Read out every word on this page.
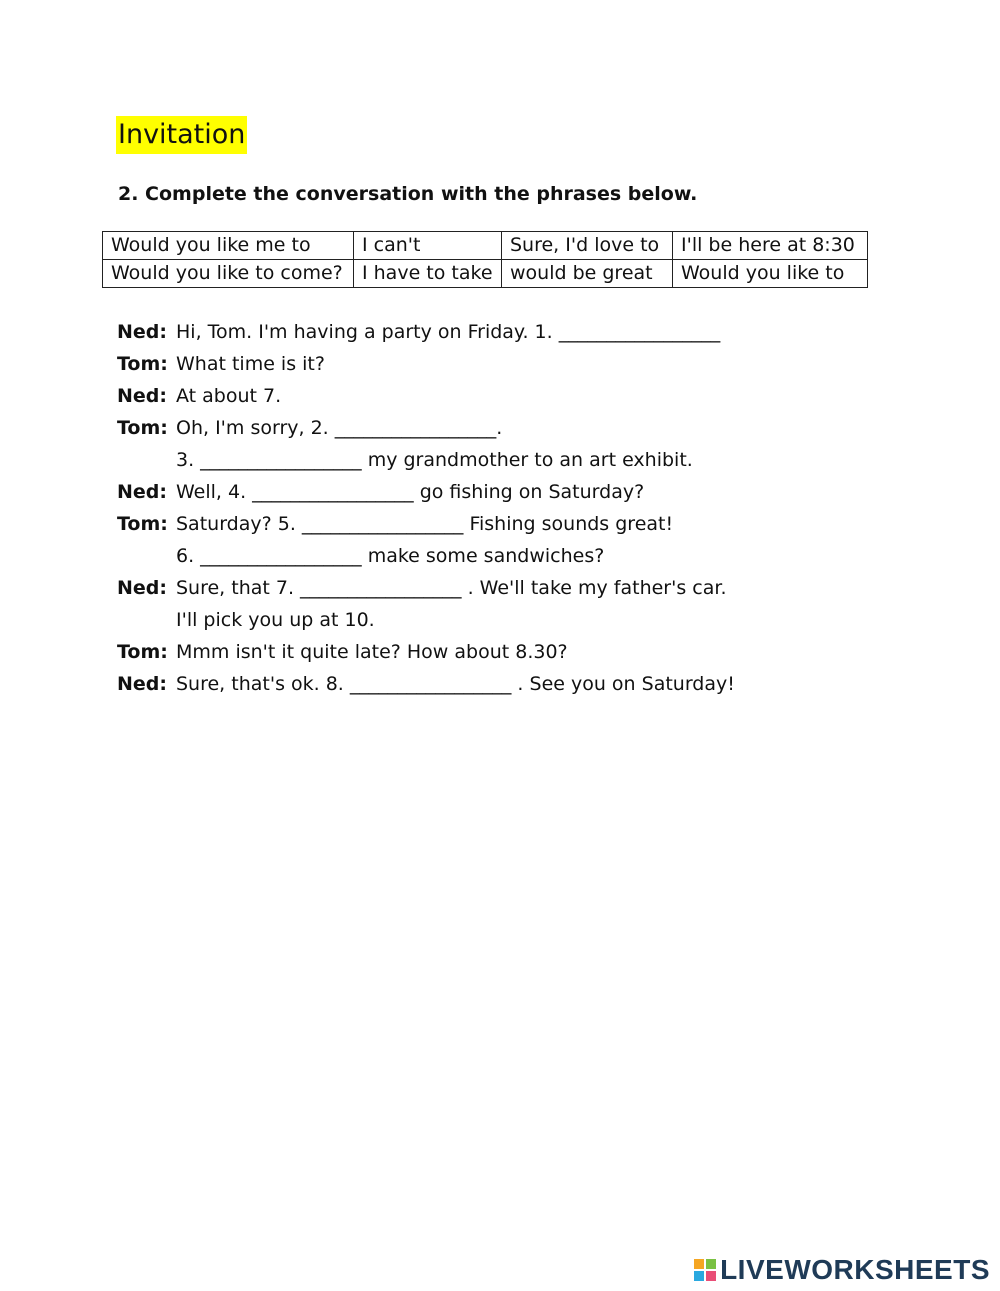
Invitation
2. Complete the conversation with the phrases below.
Would you like me to	I can't	Sure, I'd love to	I'll be here at 8:30
Would you like to come?	I have to take	would be great	Would you like to
Ned: Hi, Tom. I'm having a party on Friday. 1. _________________
Tom: What time is it?
Ned: At about 7.
Tom: Oh, I'm sorry, 2. _________________.
3. _________________ my grandmother to an art exhibit.
Ned: Well, 4. _________________ go fishing on Saturday?
Tom: Saturday? 5. _________________ Fishing sounds great!
6. _________________ make some sandwiches?
Ned: Sure, that 7. _________________ . We'll take my father's car.
I'll pick you up at 10.
Tom: Mmm isn't it quite late? How about 8.30?
Ned: Sure, that's ok. 8. _________________ . See you on Saturday!
LIVEWORKSHEETS
